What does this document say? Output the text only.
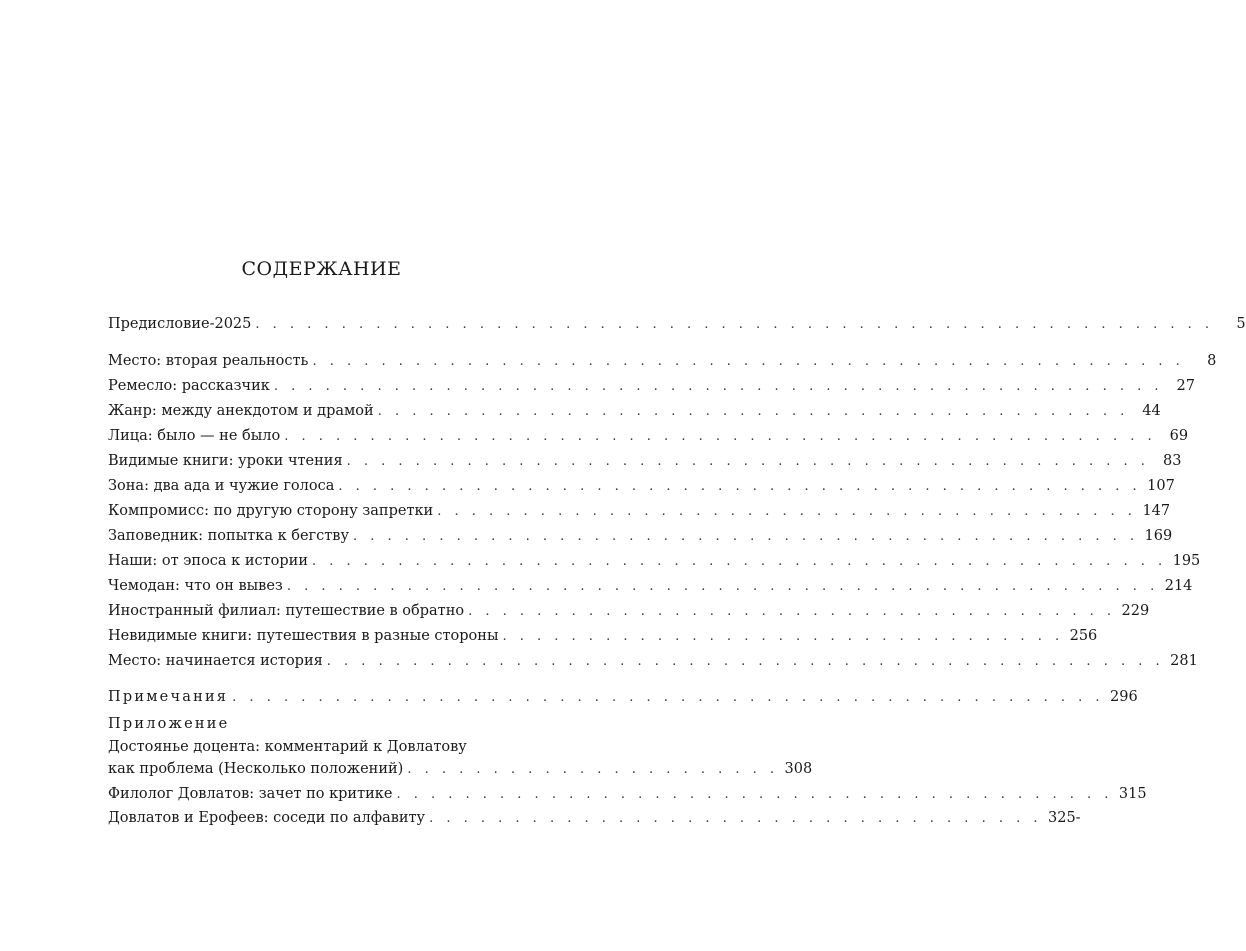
СОДЕРЖАНИЕ
Предисловие-2025 . . . . . . . . . . . . . . . . . . . . . . . . . . . . . . . . . . . . . . . . . . . . . . . . . . . . . . . .	5
Место: вторая реальность . . . . . . . . . . . . . . . . . . . . . . . . . . . . . . . . . . . . . . . . . . . . . . . . . . .	8
Ремесло: рассказчик . . . . . . . . . . . . . . . . . . . . . . . . . . . . . . . . . . . . . . . . . . . . . . . . . . . . 27
Жанр: между анекдотом и драмой . . . . . . . . . . . . . . . . . . . . . . . . . . . . . . . . . . . . . . . . . . . . 44
Лица: было — не было . . . . . . . . . . . . . . . . . . . . . . . . . . . . . . . . . . . . . . . . . . . . . . . . . . . 69
Видимые книги: уроки чтения . . . . . . . . . . . . . . . . . . . . . . . . . . . . . . . . . . . . . . . . . . . . . . . 83
Зона: два ада и чужие голоса . . . . . . . . . . . . . . . . . . . . . . . . . . . . . . . . . . . . . . . . . . . . . . . 107
Компромисс: по другую сторону запретки . . . . . . . . . . . . . . . . . . . . . . . . . . . . . . . . . . . . . . . . . 147
Заповедник: попытка к бегству . . . . . . . . . . . . . . . . . . . . . . . . . . . . . . . . . . . . . . . . . . . . . . 169
Наши: от эпоса к истории . . . . . . . . . . . . . . . . . . . . . . . . . . . . . . . . . . . . . . . . . . . . . . . . . . 195
Чемодан: что он вывез . . . . . . . . . . . . . . . . . . . . . . . . . . . . . . . . . . . . . . . . . . . . . . . . . . . 214
Иностранный филиал: путешествие в обратно . . . . . . . . . . . . . . . . . . . . . . . . . . . . . . . . . . . . . . 229
Невидимые книги: путешествия в разные стороны . . . . . . . . . . . . . . . . . . . . . . . . . . . . . . . . . 256
Место: начинается история . . . . . . . . . . . . . . . . . . . . . . . . . . . . . . . . . . . . . . . . . . . . . . . . . 281
Примечания . . . . . . . . . . . . . . . . . . . . . . . . . . . . . . . . . . . . . . . . . . . . . . . . . . . 296
Приложение
Достоянье доцента: комментарий к Довлатову
как проблема (Несколько положений) . . . . . . . . . . . . . . . . . . . . . . 308
Филолог Довлатов: зачет по критике . . . . . . . . . . . . . . . . . . . . . . . . . . . . . . . . . . . . . . . . . . 315
Довлатов и Ерофеев: соседи по алфавиту . . . . . . . . . . . . . . . . . . . . . . . . . . . . . . . . . . . . 325-
